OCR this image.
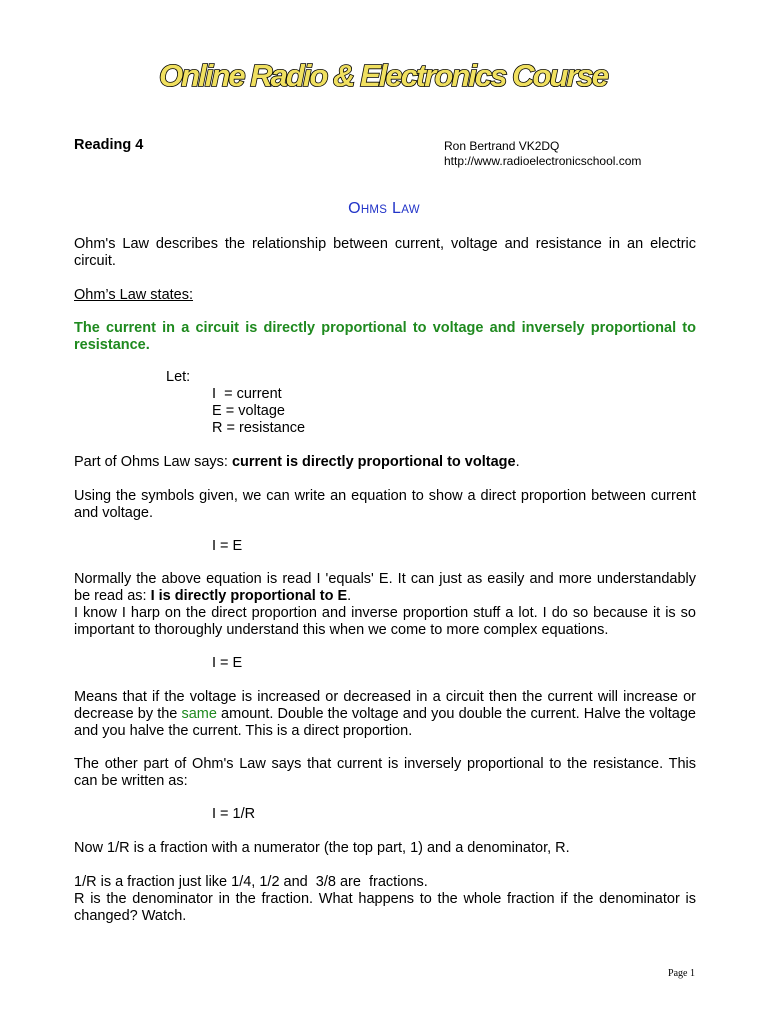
Online Radio & Electronics Course
Reading 4	Ron Bertrand VK2DQ
http://www.radioelectronicschool.com
OHMS LAW
Ohm's Law describes the relationship between current, voltage and resistance in an electric circuit.
Ohm’s Law states:
The current in a circuit is directly proportional to voltage and inversely proportional to resistance.
Let:
I  = current
E = voltage
R = resistance
Part of Ohms Law says: current is directly proportional to voltage.
Using the symbols given, we can write an equation to show a direct proportion between current and voltage.
I = E
Normally the above equation is read I 'equals' E. It can just as easily and more understandably be read as: I is directly proportional to E.
I know I harp on the direct proportion and inverse proportion stuff a lot. I do so because it is so important to thoroughly understand this when we come to more complex equations.
I = E
Means that if the voltage is increased or decreased in a circuit then the current will increase or decrease by the same amount. Double the voltage and you double the current. Halve the voltage and you halve the current. This is a direct proportion.
The other part of Ohm's Law says that current is inversely proportional to the resistance. This can be written as:
I = 1/R
Now 1/R is a fraction with a numerator (the top part, 1) and a denominator, R.
1/R is a fraction just like 1/4, 1/2 and  3/8 are  fractions.
R is the denominator in the fraction. What happens to the whole fraction if the denominator is changed? Watch.
Page 1
